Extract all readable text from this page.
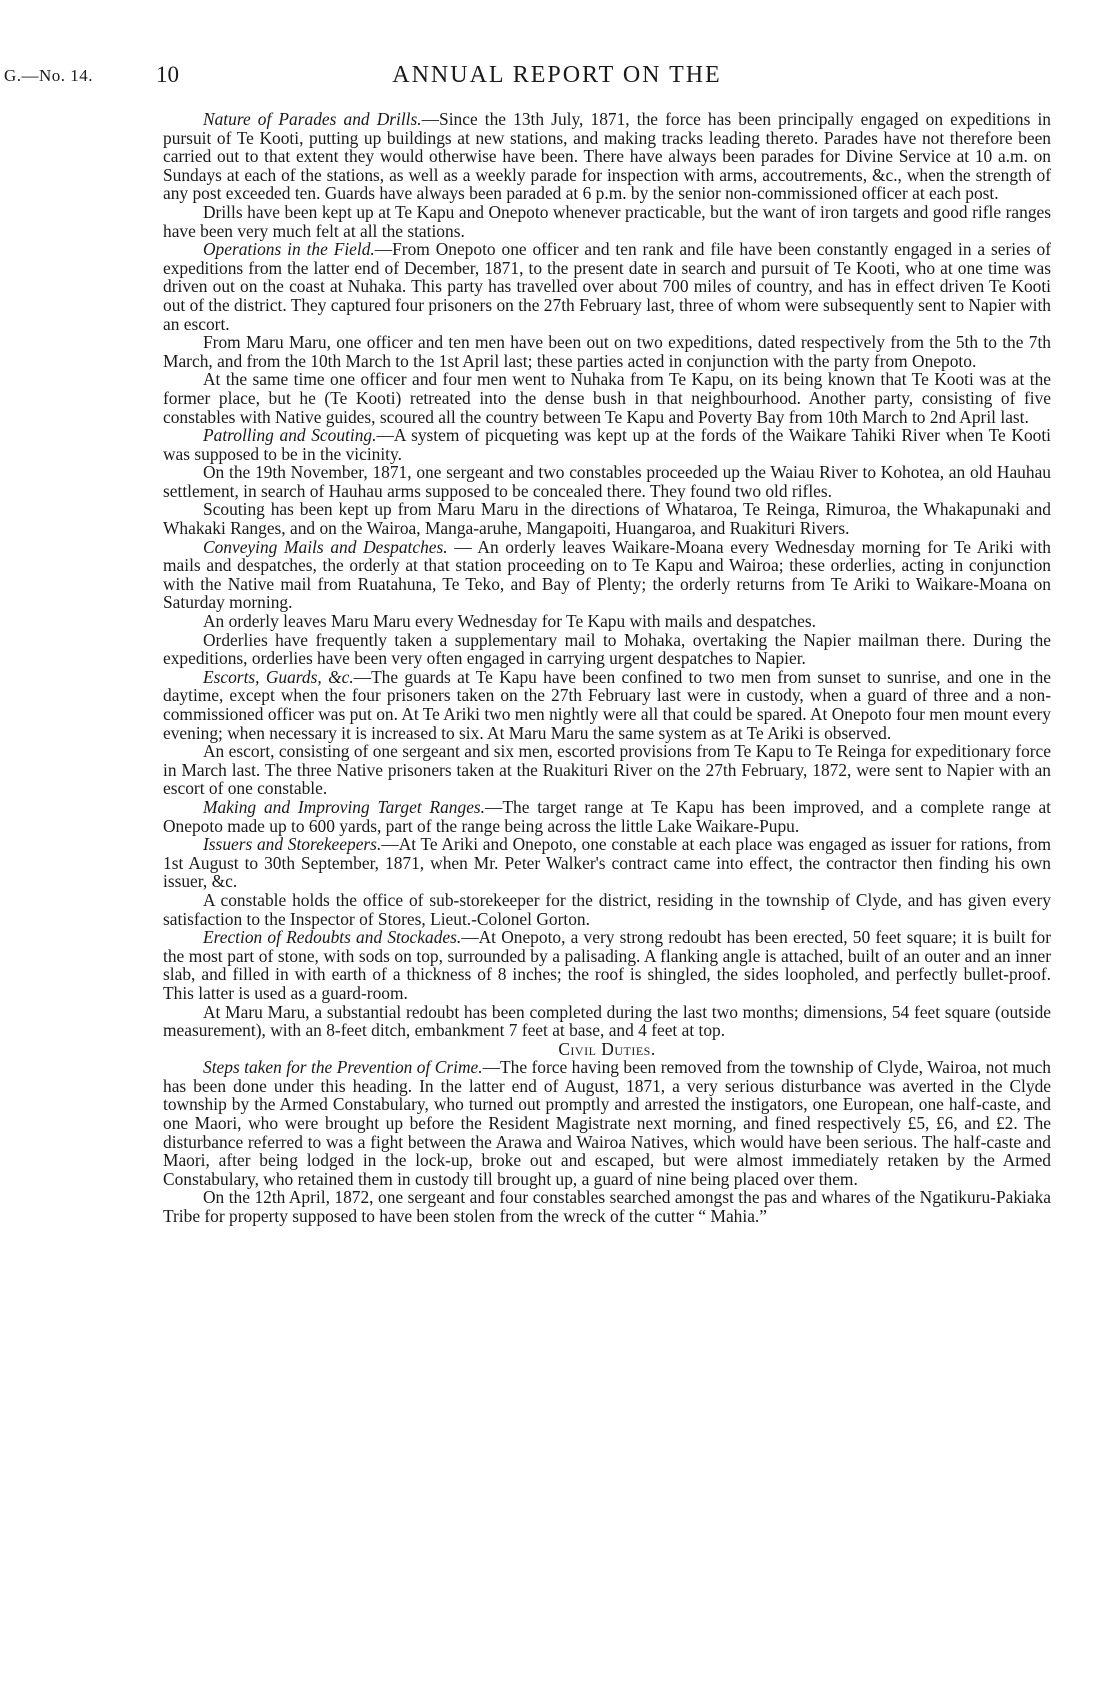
G.—No. 14.	10	ANNUAL REPORT ON THE

Nature of Parades and Drills.—Since the 13th July, 1871, the force has been principally engaged on expeditions in pursuit of Te Kooti, putting up buildings at new stations, and making tracks leading thereto. Parades have not therefore been carried out to that extent they would otherwise have been. There have always been parades for Divine Service at 10 a.m. on Sundays at each of the stations, as well as a weekly parade for inspection with arms, accoutrements, &c., when the strength of any post exceeded ten. Guards have always been paraded at 6 p.m. by the senior non-commissioned officer at each post.

Drills have been kept up at Te Kapu and Onepoto whenever practicable, but the want of iron targets and good rifle ranges have been very much felt at all the stations.

Operations in the Field.—From Onepoto one officer and ten rank and file have been constantly engaged in a series of expeditions from the latter end of December, 1871, to the present date in search and pursuit of Te Kooti, who at one time was driven out on the coast at Nuhaka. This party has travelled over about 700 miles of country, and has in effect driven Te Kooti out of the district. They captured four prisoners on the 27th February last, three of whom were subsequently sent to Napier with an escort.

From Maru Maru, one officer and ten men have been out on two expeditions, dated respectively from the 5th to the 7th March, and from the 10th March to the 1st April last; these parties acted in conjunction with the party from Onepoto.

At the same time one officer and four men went to Nuhaka from Te Kapu, on its being known that Te Kooti was at the former place, but he (Te Kooti) retreated into the dense bush in that neighbourhood. Another party, consisting of five constables with Native guides, scoured all the country between Te Kapu and Poverty Bay from 10th March to 2nd April last.

Patrolling and Scouting.—A system of picqueting was kept up at the fords of the Waikare Tahiki River when Te Kooti was supposed to be in the vicinity.

On the 19th November, 1871, one sergeant and two constables proceeded up the Waiau River to Kohotea, an old Hauhau settlement, in search of Hauhau arms supposed to be concealed there. They found two old rifles.

Scouting has been kept up from Maru Maru in the directions of Whataroa, Te Reinga, Rimuroa, the Whakapunaki and Whakaki Ranges, and on the Wairoa, Manga-aruhe, Mangapoiti, Huangaroa, and Ruakituri Rivers.

Conveying Mails and Despatches. — An orderly leaves Waikare-Moana every Wednesday morning for Te Ariki with mails and despatches, the orderly at that station proceeding on to Te Kapu and Wairoa; these orderlies, acting in conjunction with the Native mail from Ruatahuna, Te Teko, and Bay of Plenty; the orderly returns from Te Ariki to Waikare-Moana on Saturday morning.

An orderly leaves Maru Maru every Wednesday for Te Kapu with mails and despatches.

Orderlies have frequently taken a supplementary mail to Mohaka, overtaking the Napier mailman there. During the expeditions, orderlies have been very often engaged in carrying urgent despatches to Napier.

Escorts, Guards, &c.—The guards at Te Kapu have been confined to two men from sunset to sunrise, and one in the daytime, except when the four prisoners taken on the 27th February last were in custody, when a guard of three and a non-commissioned officer was put on. At Te Ariki two men nightly were all that could be spared. At Onepoto four men mount every evening; when necessary it is increased to six. At Maru Maru the same system as at Te Ariki is observed.

An escort, consisting of one sergeant and six men, escorted provisions from Te Kapu to Te Reinga for expeditionary force in March last. The three Native prisoners taken at the Ruakituri River on the 27th February, 1872, were sent to Napier with an escort of one constable.

Making and Improving Target Ranges.—The target range at Te Kapu has been improved, and a complete range at Onepoto made up to 600 yards, part of the range being across the little Lake Waikare-Pupu.

Issuers and Storekeepers.—At Te Ariki and Onepoto, one constable at each place was engaged as issuer for rations, from 1st August to 30th September, 1871, when Mr. Peter Walker's contract came into effect, the contractor then finding his own issuer, &c.

A constable holds the office of sub-storekeeper for the district, residing in the township of Clyde, and has given every satisfaction to the Inspector of Stores, Lieut.-Colonel Gorton.

Erection of Redoubts and Stockades.—At Onepoto, a very strong redoubt has been erected, 50 feet square; it is built for the most part of stone, with sods on top, surrounded by a palisading. A flanking angle is attached, built of an outer and an inner slab, and filled in with earth of a thickness of 8 inches; the roof is shingled, the sides loopholed, and perfectly bullet-proof. This latter is used as a guard-room.

At Maru Maru, a substantial redoubt has been completed during the last two months; dimensions, 54 feet square (outside measurement), with an 8-feet ditch, embankment 7 feet at base, and 4 feet at top.

Civil Duties.

Steps taken for the Prevention of Crime.—The force having been removed from the township of Clyde, Wairoa, not much has been done under this heading. In the latter end of August, 1871, a very serious disturbance was averted in the Clyde township by the Armed Constabulary, who turned out promptly and arrested the instigators, one European, one half-caste, and one Maori, who were brought up before the Resident Magistrate next morning, and fined respectively £5, £6, and £2. The disturbance referred to was a fight between the Arawa and Wairoa Natives, which would have been serious. The half-caste and Maori, after being lodged in the lock-up, broke out and escaped, but were almost immediately retaken by the Armed Constabulary, who retained them in custody till brought up, a guard of nine being placed over them.

On the 12th April, 1872, one sergeant and four constables searched amongst the pas and whares of the Ngatikuru-Pakiaka Tribe for property supposed to have been stolen from the wreck of the cutter “ Mahia.”
